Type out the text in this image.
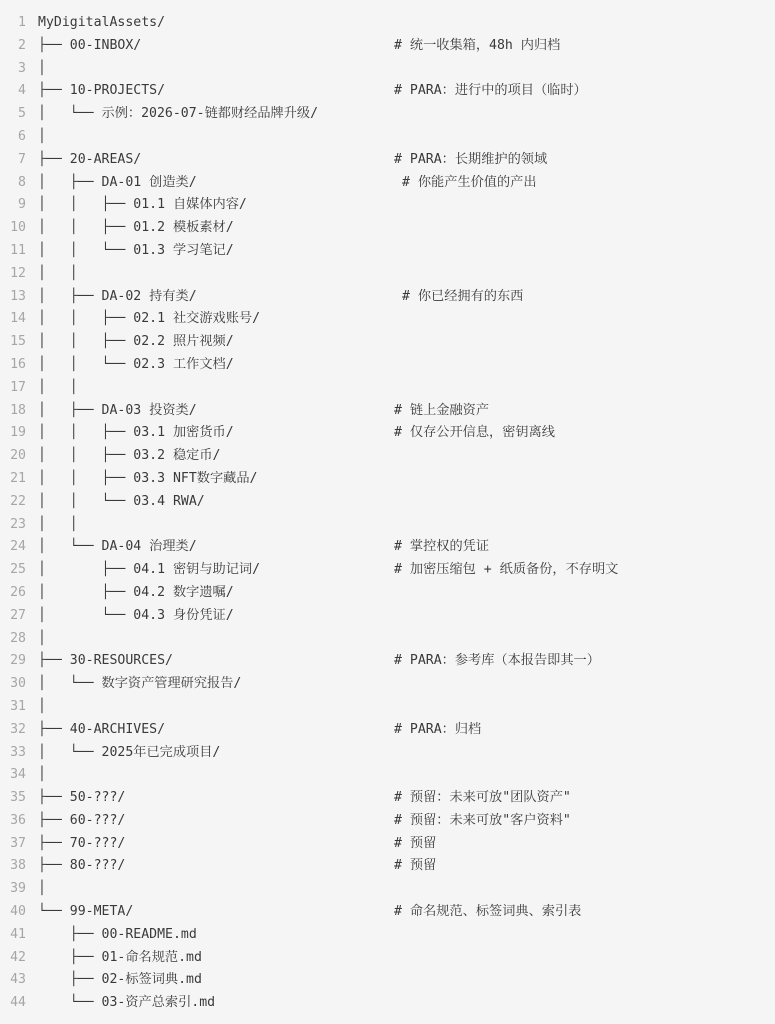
1 MyDigitalAssets/
2 ├── 00-INBOX/	# 统一收集箱，48h 内归档
3 │
4 ├── 10-PROJECTS/	# PARA：进行中的项目（临时）
5 │   └── 示例：2026-07-链都财经品牌升级/
6 │
7 ├── 20-AREAS/	# PARA：长期维护的领域
8 │   ├── DA-01 创造类/	# 你能产生价值的产出
9 │   │   ├── 01.1 自媒体内容/
10 │   │   ├── 01.2 模板素材/
11 │   │   └── 01.3 学习笔记/
12 │   │
13 │   ├── DA-02 持有类/	# 你已经拥有的东西
14 │   │   ├── 02.1 社交游戏账号/
15 │   │   ├── 02.2 照片视频/
16 │   │   └── 02.3 工作文档/
17 │   │
18 │   ├── DA-03 投资类/	# 链上金融资产
19 │   │   ├── 03.1 加密货币/	# 仅存公开信息，密钥离线
20 │   │   ├── 03.2 稳定币/
21 │   │   ├── 03.3 NFT数字藏品/
22 │   │   └── 03.4 RWA/
23 │   │
24 │   └── DA-04 治理类/	# 掌控权的凭证
25 │       ├── 04.1 密钥与助记词/	# 加密压缩包 + 纸质备份，不存明文
26 │       ├── 04.2 数字遗嘱/
27 │       └── 04.3 身份凭证/
28 │
29 ├── 30-RESOURCES/	# PARA：参考库（本报告即其一）
30 │   └── 数字资产管理研究报告/
31 │
32 ├── 40-ARCHIVES/	# PARA：归档
33 │   └── 2025年已完成项目/
34 │
35 ├── 50-???/	# 预留：未来可放"团队资产"
36 ├── 60-???/	# 预留：未来可放"客户资料"
37 ├── 70-???/	# 预留
38 ├── 80-???/	# 预留
39 │
40 └── 99-META/	# 命名规范、标签词典、索引表
41 ├── 00-README.md
42 ├── 01-命名规范.md
43 ├── 02-标签词典.md
44 └── 03-资产总索引.md
